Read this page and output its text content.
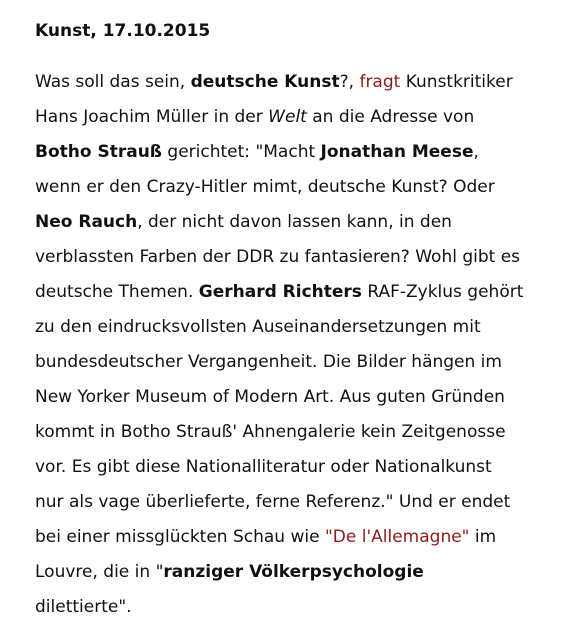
Kunst, 17.10.2015
Was soll das sein, deutsche Kunst?, fragt Kunstkritiker
Hans Joachim Müller in der Welt an die Adresse von
Botho Strauß gerichtet: "Macht Jonathan Meese,
wenn er den Crazy-Hitler mimt, deutsche Kunst? Oder
Neo Rauch, der nicht davon lassen kann, in den
verblassten Farben der DDR zu fantasieren? Wohl gibt es
deutsche Themen. Gerhard Richters RAF-Zyklus gehört
zu den eindrucksvollsten Auseinandersetzungen mit
bundesdeutscher Vergangenheit. Die Bilder hängen im
New Yorker Museum of Modern Art. Aus guten Gründen
kommt in Botho Strauß' Ahnengalerie kein Zeitgenosse
vor. Es gibt diese Nationalliteratur oder Nationalkunst
nur als vage überlieferte, ferne Referenz." Und er endet
bei einer missglückten Schau wie "De l'Allemagne" im
Louvre, die in "ranziger Völkerpsychologie
dilettierte".
